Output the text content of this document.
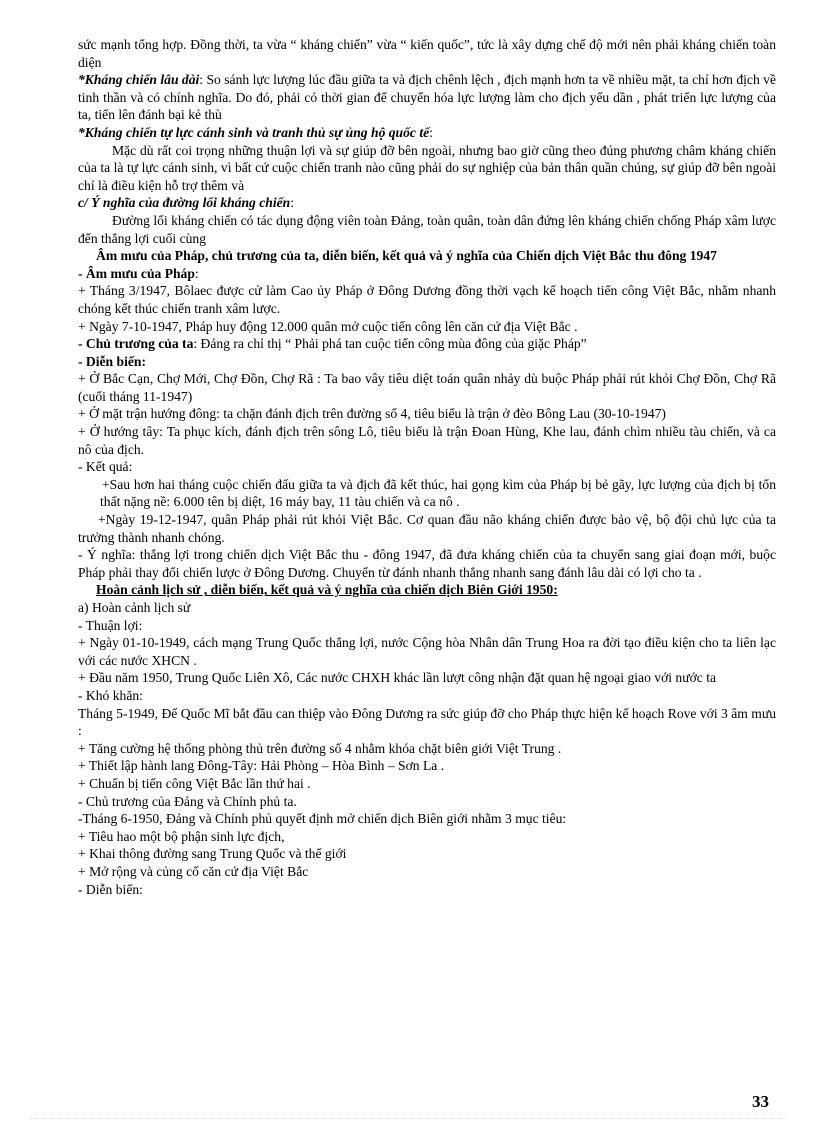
sức mạnh tổng hợp. Đồng thời, ta vừa “ kháng chiến” vừa “ kiến quốc”, tức là xây dựng chế độ mới nên phải kháng chiến toàn diện

*Kháng chiến lâu dài: So sánh lực lượng lúc đầu giữa ta và địch chênh lệch , địch mạnh hơn ta về nhiều mặt, ta chỉ hơn địch về tinh thần và có chính nghĩa. Do đó, phải có thời gian để chuyển hóa lực lượng làm cho địch yếu dần , phát triển lực lượng của ta, tiến lên đánh bại kẻ thù

*Kháng chiến tự lực cánh sinh và tranh thủ sự ủng hộ quốc tế:

Mặc dù rất coi trọng những thuận lợi và sự giúp đỡ bên ngoài, nhưng bao giờ cũng theo đúng phương châm kháng chiến của ta là tự lực cánh sinh, vì bất cứ cuộc chiến tranh nào cũng phải do sự nghiệp của bản thân quần chúng, sự giúp đỡ bên ngoài chỉ là điều kiện hỗ trợ thêm và

c/ Ý nghĩa của đường lối kháng chiến:

Đường lối kháng chiến có tác dụng động viên toàn Đảng, toàn quân, toàn dân đứng lên kháng chiến chống Pháp xâm lược đến thắng lợi cuối cùng

Âm mưu của Pháp, chủ trương của ta, diễn biến, kết quả và ý nghĩa của Chiến dịch Việt Bắc thu đông 1947

- Âm mưu của Pháp:

+ Tháng 3/1947, Bôlaec được cử làm Cao ủy Pháp ở Đông Dương đồng thời vạch kế hoạch tiến công Việt Bắc, nhằm nhanh chóng kết thúc chiến tranh xâm lược.

+ Ngày 7-10-1947, Pháp huy động 12.000 quân mở cuộc tiến công lên căn cứ địa Việt Bắc .

- Chủ trương của ta: Đảng ra chỉ thị “ Phải phá tan cuộc tiến công mùa đông của giặc Pháp”

- Diễn biến:

+ Ở Bắc Cạn, Chợ Mới, Chợ Đồn, Chợ Rã : Ta bao vây tiêu diệt toán quân nhảy dù buộc Pháp phải rút khỏi Chợ Đồn, Chợ Rã (cuối tháng 11-1947)

+ Ở mặt trận hướng đông: ta chặn đánh địch trên đường số 4, tiêu biểu là trận ở đèo Bông Lau (30-10-1947)

+ Ở hướng tây: Ta phục kích, đánh địch trên sông Lô, tiêu biểu là trận Đoan Hùng, Khe lau, đánh chìm nhiều tàu chiến, và ca nô của địch.

- Kết quả:

+Sau hơn hai tháng cuộc chiến đấu giữa ta và địch đã kết thúc, hai gọng kìm của Pháp bị bẻ gãy, lực lượng của địch bị tổn thất nặng nề: 6.000 tên bị diệt, 16 máy bay, 11 tàu chiến và ca nô .

+Ngày 19-12-1947, quân Pháp phải rút khỏi Việt Bắc. Cơ quan đầu não kháng chiến được bảo vệ, bộ đội chủ lực của ta trưởng thành nhanh chóng.

- Ý nghĩa: thắng lợi trong chiến dịch Việt Bắc thu - đông 1947, đã đưa kháng chiến của ta chuyển sang giai đoạn mới, buộc Pháp phải thay đổi chiến lược ở Đông Dương. Chuyển từ đánh nhanh thắng nhanh sang đánh lâu dài có lợi cho ta .

Hoàn cảnh lịch sử , diễn biến, kết quả và ý nghĩa của chiến dịch Biên Giới 1950:

a) Hoàn cảnh lịch sử

- Thuận lợi:

+ Ngày 01-10-1949, cách mạng Trung Quốc thắng lợi, nước Cộng hòa Nhân dân Trung Hoa ra đời tạo điều kiện cho ta liên lạc với các nước XHCN .

+ Đầu năm 1950, Trung Quốc Liên Xô, Các nước CHXH khác lần lượt công nhận đặt quan hệ ngoại giao với nước ta

- Khó khăn:

Tháng 5-1949, Đế Quốc Mĩ bắt đầu can thiệp vào Đông Dương ra sức giúp đỡ cho Pháp thực hiện kế hoạch Rove với 3 âm mưu :

+ Tăng cường hệ thống phòng thủ trên đường số 4 nhằm khóa chặt biên giới Việt Trung .

+ Thiết lập hành lang Đông-Tây: Hải Phòng – Hòa Bình – Sơn La .

+ Chuẩn bị tiến công Việt Bắc lần thứ hai .

- Chủ trương của Đảng và Chính phủ ta.

-Tháng 6-1950, Đảng và Chính phủ quyết định mở chiến dịch Biên giới nhằm 3 mục tiêu:

+ Tiêu hao một bộ phận sinh lực địch,

+ Khai thông đường sang Trung Quốc và thế giới

+ Mở rộng và củng cố căn cứ địa Việt Bắc

- Diễn biến:

33
